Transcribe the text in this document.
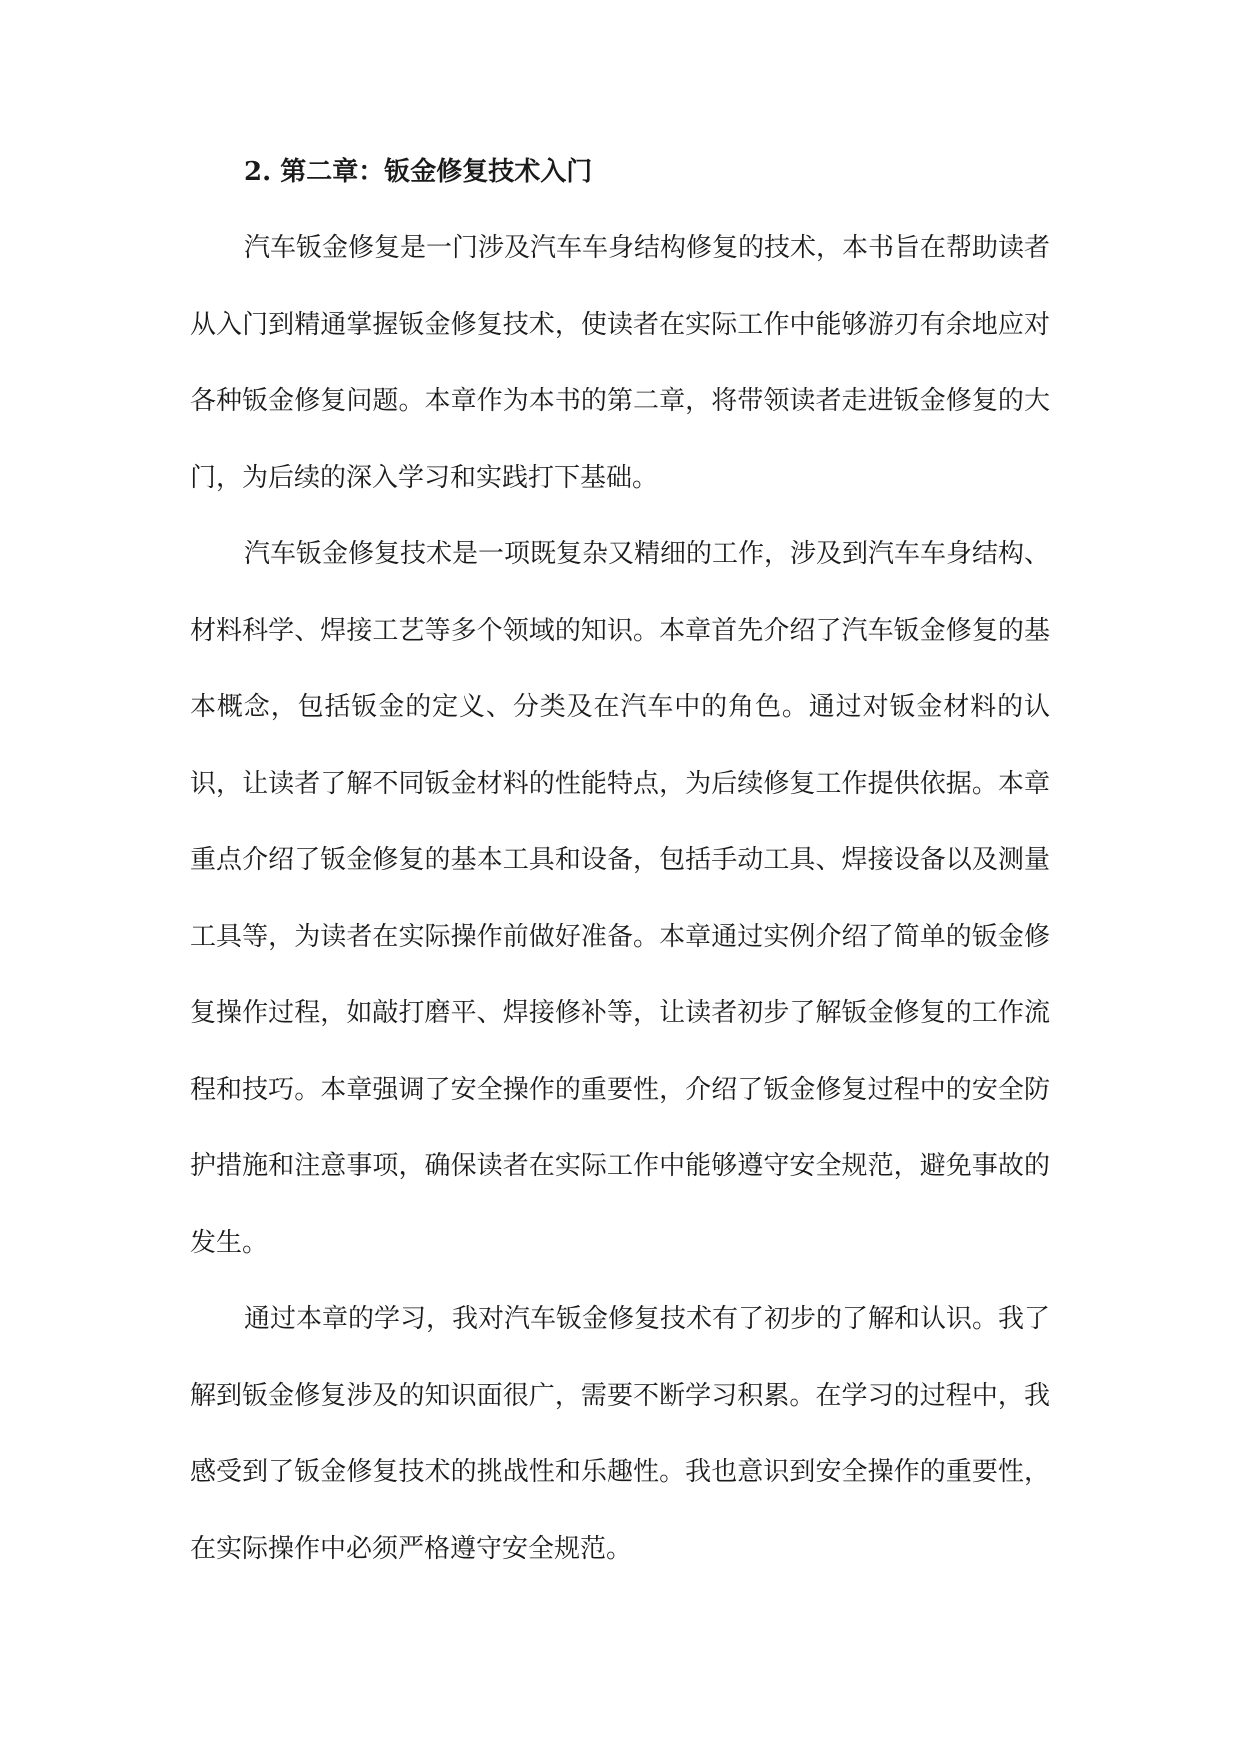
2. 第二章：钣金修复技术入门

汽车钣金修复是一门涉及汽车车身结构修复的技术，本书旨在帮助读者从入门到精通掌握钣金修复技术，使读者在实际工作中能够游刃有余地应对各种钣金修复问题。本章作为本书的第二章，将带领读者走进钣金修复的大门，为后续的深入学习和实践打下基础。

汽车钣金修复技术是一项既复杂又精细的工作，涉及到汽车车身结构、材料科学、焊接工艺等多个领域的知识。本章首先介绍了汽车钣金修复的基本概念，包括钣金的定义、分类及在汽车中的角色。通过对钣金材料的认识，让读者了解不同钣金材料的性能特点，为后续修复工作提供依据。本章重点介绍了钣金修复的基本工具和设备，包括手动工具、焊接设备以及测量工具等，为读者在实际操作前做好准备。本章通过实例介绍了简单的钣金修复操作过程，如敲打磨平、焊接修补等，让读者初步了解钣金修复的工作流程和技巧。本章强调了安全操作的重要性，介绍了钣金修复过程中的安全防护措施和注意事项，确保读者在实际工作中能够遵守安全规范，避免事故的发生。

通过本章的学习，我对汽车钣金修复技术有了初步的了解和认识。我了解到钣金修复涉及的知识面很广，需要不断学习积累。在学习的过程中，我感受到了钣金修复技术的挑战性和乐趣性。我也意识到安全操作的重要性，在实际操作中必须严格遵守安全规范。
